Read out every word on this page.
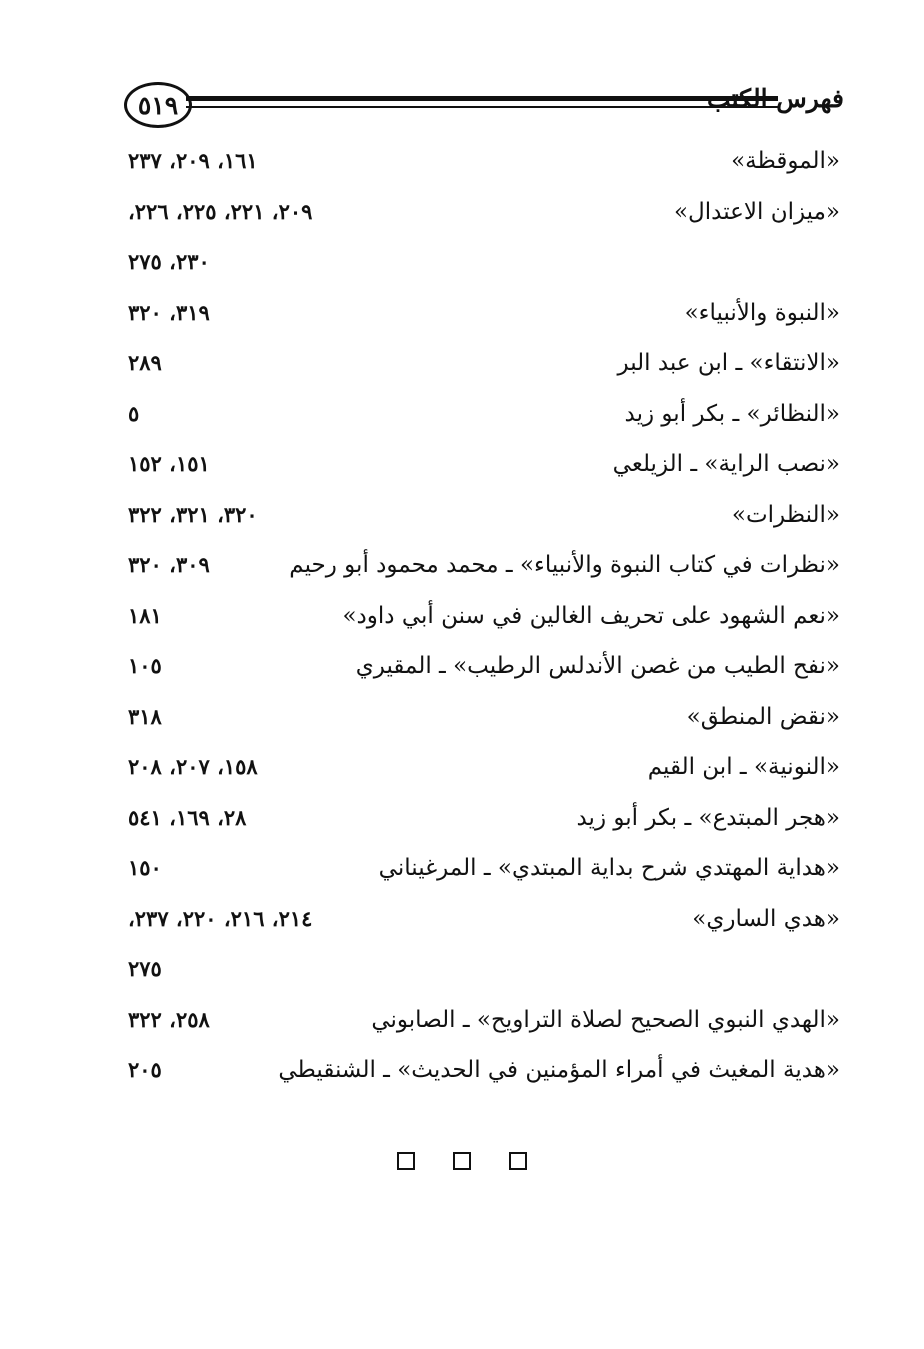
٥١٩	فهرس الكتب
«الموقظة»
١٦١، ٢٠٩، ٢٣٧
«ميزان الاعتدال»
٢٠٩، ٢٢١، ٢٢٥، ٢٢٦،
٢٣٠، ٢٧٥
«النبوة والأنبياء»
٣١٩، ٣٢٠
«الانتقاء» ـ ابن عبد البر
٢٨٩
«النظائر» ـ بكر أبو زيد
٥
«نصب الراية» ـ الزيلعي
١٥١، ١٥٢
«النظرات»
٣٢٠، ٣٢١، ٣٢٢
«نظرات في كتاب النبوة والأنبياء» ـ محمد محمود أبو رحيم
٣٠٩، ٣٢٠
«نعم الشهود على تحريف الغالين في سنن أبي داود»
١٨١
«نفح الطيب من غصن الأندلس الرطيب» ـ المقيري
١٠٥
«نقض المنطق»
٣١٨
«النونية» ـ ابن القيم
١٥٨، ٢٠٧، ٢٠٨
«هجر المبتدع» ـ بكر أبو زيد
٢٨، ١٦٩، ٥٤١
«هداية المهتدي شرح بداية المبتدي» ـ المرغيناني
١٥٠
«هدي الساري»
٢١٤، ٢١٦، ٢٢٠، ٢٣٧،
٢٧٥
«الهدي النبوي الصحيح لصلاة التراويح» ـ الصابوني
٢٥٨، ٣٢٢
«هدية المغيث في أمراء المؤمنين في الحديث» ـ الشنقيطي
٢٠٥
